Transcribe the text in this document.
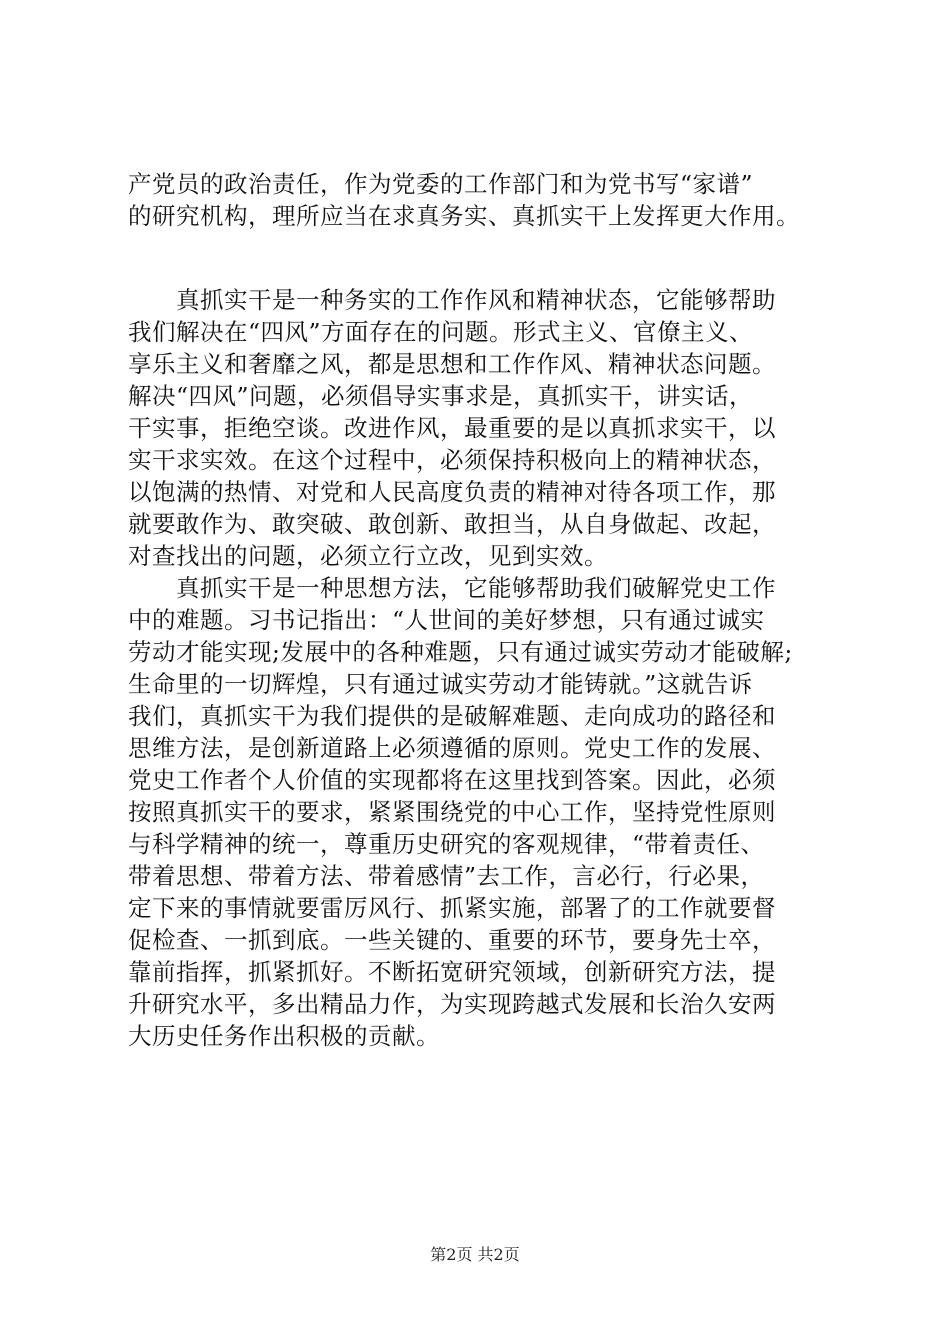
产党员的政治责任，作为党委的工作部门和为党书写“家谱”
的研究机构，理所应当在求真务实、真抓实干上发挥更大作用。
　　真抓实干是一种务实的工作作风和精神状态，它能够帮助
我们解决在“四风”方面存在的问题。形式主义、官僚主义、
享乐主义和奢靡之风，都是思想和工作作风、精神状态问题。
解决“四风”问题，必须倡导实事求是，真抓实干，讲实话，
干实事，拒绝空谈。改进作风，最重要的是以真抓求实干，以
实干求实效。在这个过程中，必须保持积极向上的精神状态，
以饱满的热情、对党和人民高度负责的精神对待各项工作，那
就要敢作为、敢突破、敢创新、敢担当，从自身做起、改起，
对查找出的问题，必须立行立改，见到实效。
　　真抓实干是一种思想方法，它能够帮助我们破解党史工作
中的难题。习书记指出：“人世间的美好梦想，只有通过诚实
劳动才能实现;发展中的各种难题，只有通过诚实劳动才能破解;
生命里的一切辉煌，只有通过诚实劳动才能铸就。”这就告诉
我们，真抓实干为我们提供的是破解难题、走向成功的路径和
思维方法，是创新道路上必须遵循的原则。党史工作的发展、
党史工作者个人价值的实现都将在这里找到答案。因此，必须
按照真抓实干的要求，紧紧围绕党的中心工作，坚持党性原则
与科学精神的统一，尊重历史研究的客观规律，“带着责任、
带着思想、带着方法、带着感情”去工作，言必行，行必果，
定下来的事情就要雷厉风行、抓紧实施，部署了的工作就要督
促检查、一抓到底。一些关键的、重要的环节，要身先士卒，
靠前指挥，抓紧抓好。不断拓宽研究领域，创新研究方法，提
升研究水平，多出精品力作，为实现跨越式发展和长治久安两
大历史任务作出积极的贡献。
第2页 共2页
